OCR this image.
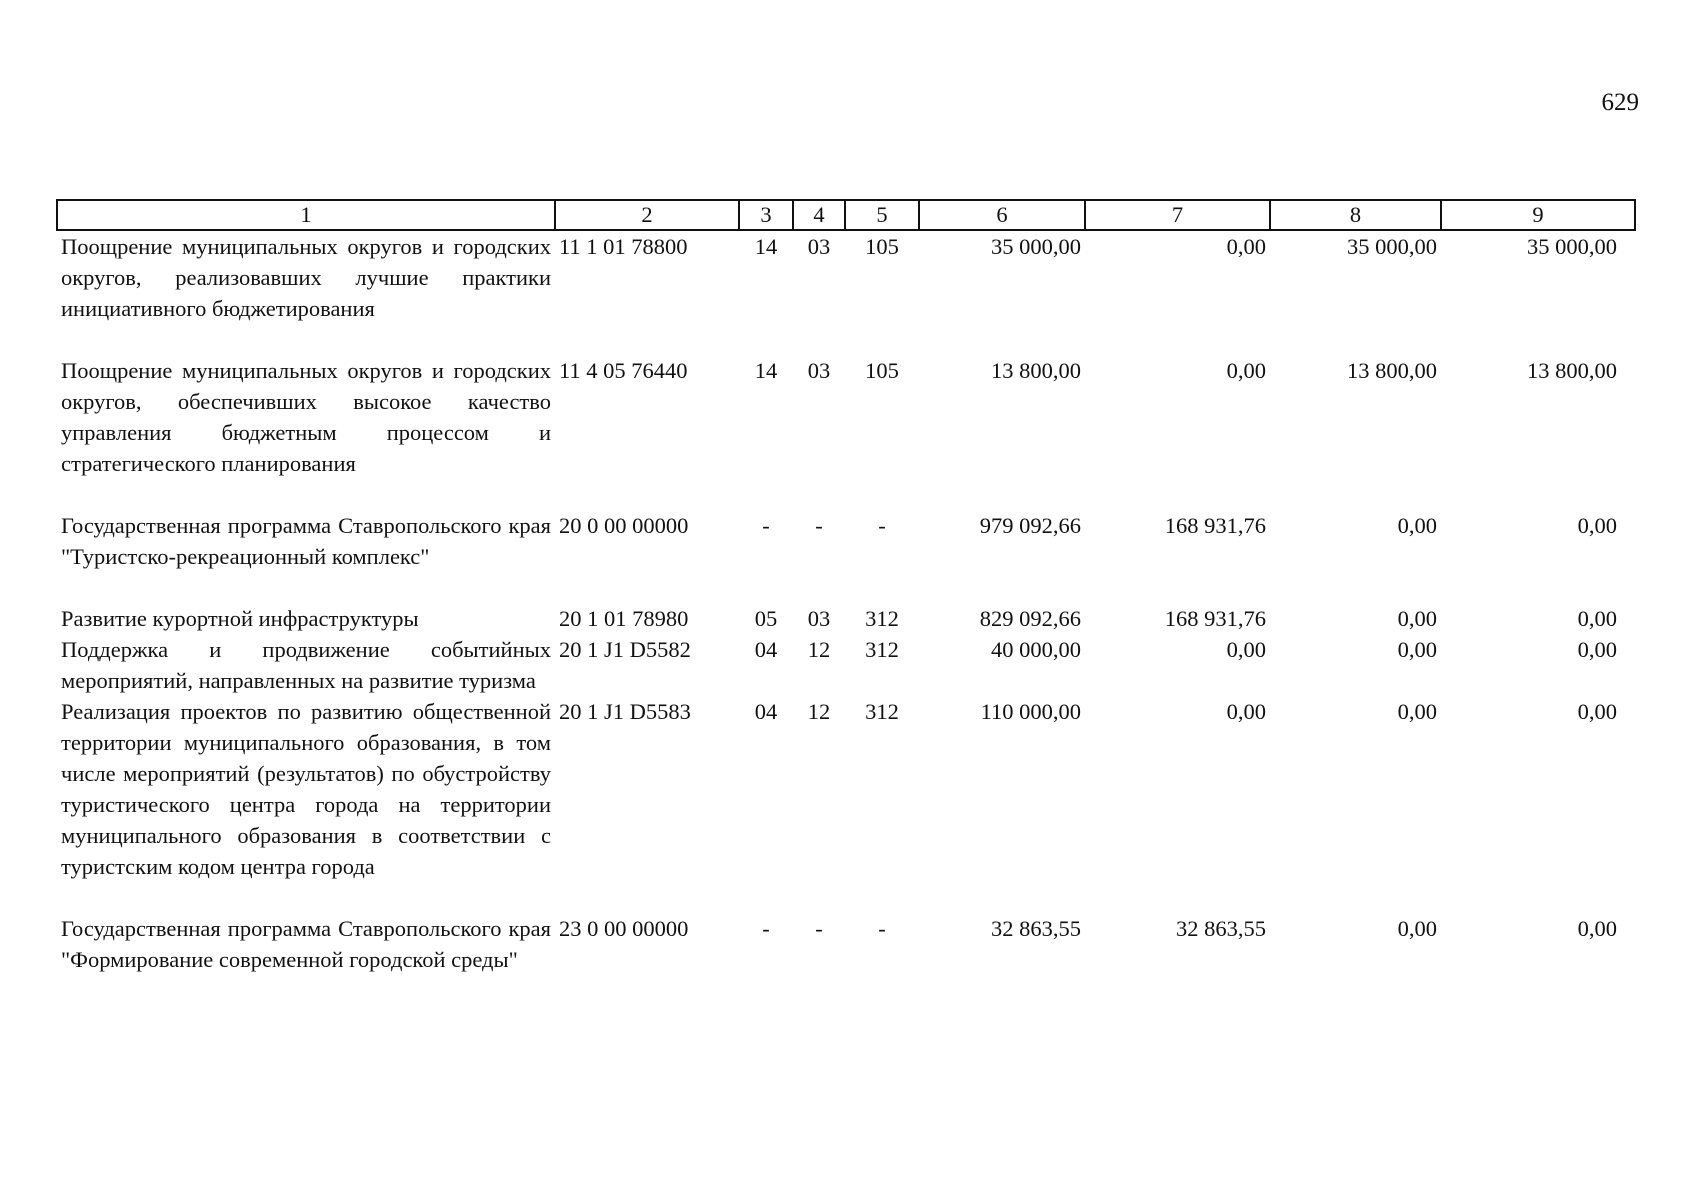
629
1	2	3	4	5	6	7	8	9
Поощрение муниципальных округов и городских округов, реализовавших лучшие практики инициативного бюджетирования	11 1 01 78800	14	03	105	35 000,00	0,00	35 000,00	35 000,00
Поощрение муниципальных округов и городских округов, обеспечивших высокое качество управления бюджетным процессом и стратегического планирования	11 4 05 76440	14	03	105	13 800,00	0,00	13 800,00	13 800,00
Государственная программа Ставропольского края "Туристско-рекреационный комплекс"	20 0 00 00000	-	-	-	979 092,66	168 931,76	0,00	0,00
Развитие курортной инфраструктуры	20 1 01 78980	05	03	312	829 092,66	168 931,76	0,00	0,00
Поддержка и продвижение событийных мероприятий, направленных на развитие туризма	20 1 J1 D5582	04	12	312	40 000,00	0,00	0,00	0,00
Реализация проектов по развитию общественной территории муниципального образования, в том числе мероприятий (результатов) по обустройству туристического центра города на территории муниципального образования в соответствии с туристским кодом центра города	20 1 J1 D5583	04	12	312	110 000,00	0,00	0,00	0,00
Государственная программа Ставропольского края "Формирование современной городской среды"	23 0 00 00000	-	-	-	32 863,55	32 863,55	0,00	0,00
